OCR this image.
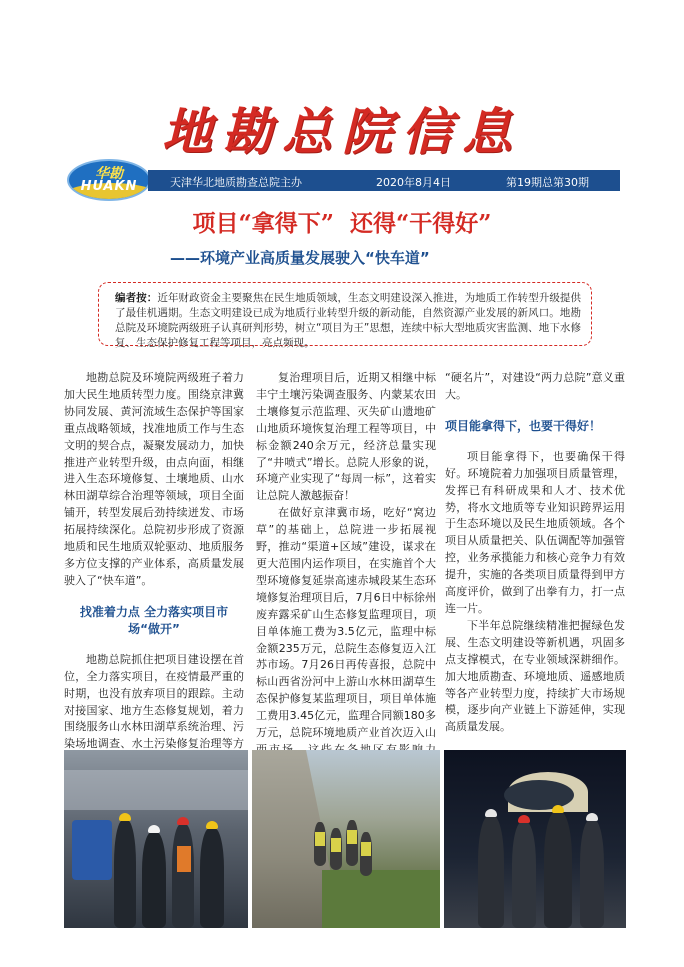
地勘总院信息
华勘
HUAKN	天津华北地质勘查总院主办	2020年8月4日	第19期总第30期
项目“拿得下”  还得“干得好”
——环境产业高质量发展驶入“快车道”
编者按：近年财政资金主要聚焦在民生地质领域，生态文明建设深入推进，为地质工作转型升级提供了最佳机遇期。生态文明建设已成为地质行业转型升级的新动能，自然资源产业发展的新风口。地勘总院及环境院两级班子认真研判形势，树立“项目为王”思想，连续中标大型地质灾害监测、地下水修复、生态保护修复工程等项目，亮点频现。

地勘总院及环境院两级班子着力加大民生地质转型力度。围绕京津冀协同发展、黄河流域生态保护等国家重点战略领域，找准地质工作与生态文明的契合点，凝聚发展动力，加快推进产业转型升级，由点向面，相继进入生态环境修复、土壤地质、山水林田湖草综合治理等领域，项目全面铺开，转型发展后劲持续迸发、市场拓展持续深化。总院初步形成了资源地质和民生地质双轮驱动、地质服务多方位支撑的产业体系，高质量发展驶入了“快车道”。

找准着力点 全力落实项目市场“做开”

地勘总院抓住把项目建设摆在首位，全力落实项目，在疫情最严重的时期，也没有放弃项目的跟踪。主动对接国家、地方生态修复规划，着力围绕服务山水林田湖草系统治理、污染场地调查、水土污染修复治理等方

复治理项目后，近期又相继中标丰宁土壤污染调查服务、内蒙某农田土壤修复示范监理、灭失矿山遗地矿山地质环境恢复治理工程等项目，中标金额240余万元，经济总量实现了“井喷式”增长。总院人形象的说，环境产业实现了“每周一标”，这着实让总院人激越振奋！

在做好京津冀市场，吃好“窝边草”的基础上，总院进一步拓展视野，推动“渠道+区域”建设，谋求在更大范围内运作项目，在实施首个大型环境修复延崇高速赤城段某生态环境修复治理项目后，7月6日中标徐州废弃露采矿山生态修复监理项目，项目单体施工费为3.5亿元，监理中标金额235万元，总院生态修复迈入江苏市场。7月26日再传喜报，总院中标山西省汾河中上游山水林田湖草生态保护修复某监理项目，项目单体施工费用3.45亿元，监理合同额180多万元，总院环境地质产业首次迈入山

“硬名片”，对建设“两力总院”意义重大。

项目能拿得下，也要干得好！

项目能拿得下，也要确保干得好。环境院着力加强项目质量管理，发挥已有科研成果和人才、技术优势，将水文地质等专业知识跨界运用于生态环境以及民生地质领域。各个项目从质量把关、队伍调配等加强管控，业务承揽能力和核心竞争力有效提升，实施的各类项目质量得到甲方高度评价，做到了出拳有力，打一点连一片。

下半年总院继续精准把握绿色发展、生态文明建设等新机遇，巩固多点支撑模式，在专业领域深耕细作。加大地质勘查、环境地质、遥感地质等各产业转型力度，持续扩大市场规模，逐步向产业链上下游延伸，实现高质量发展。
